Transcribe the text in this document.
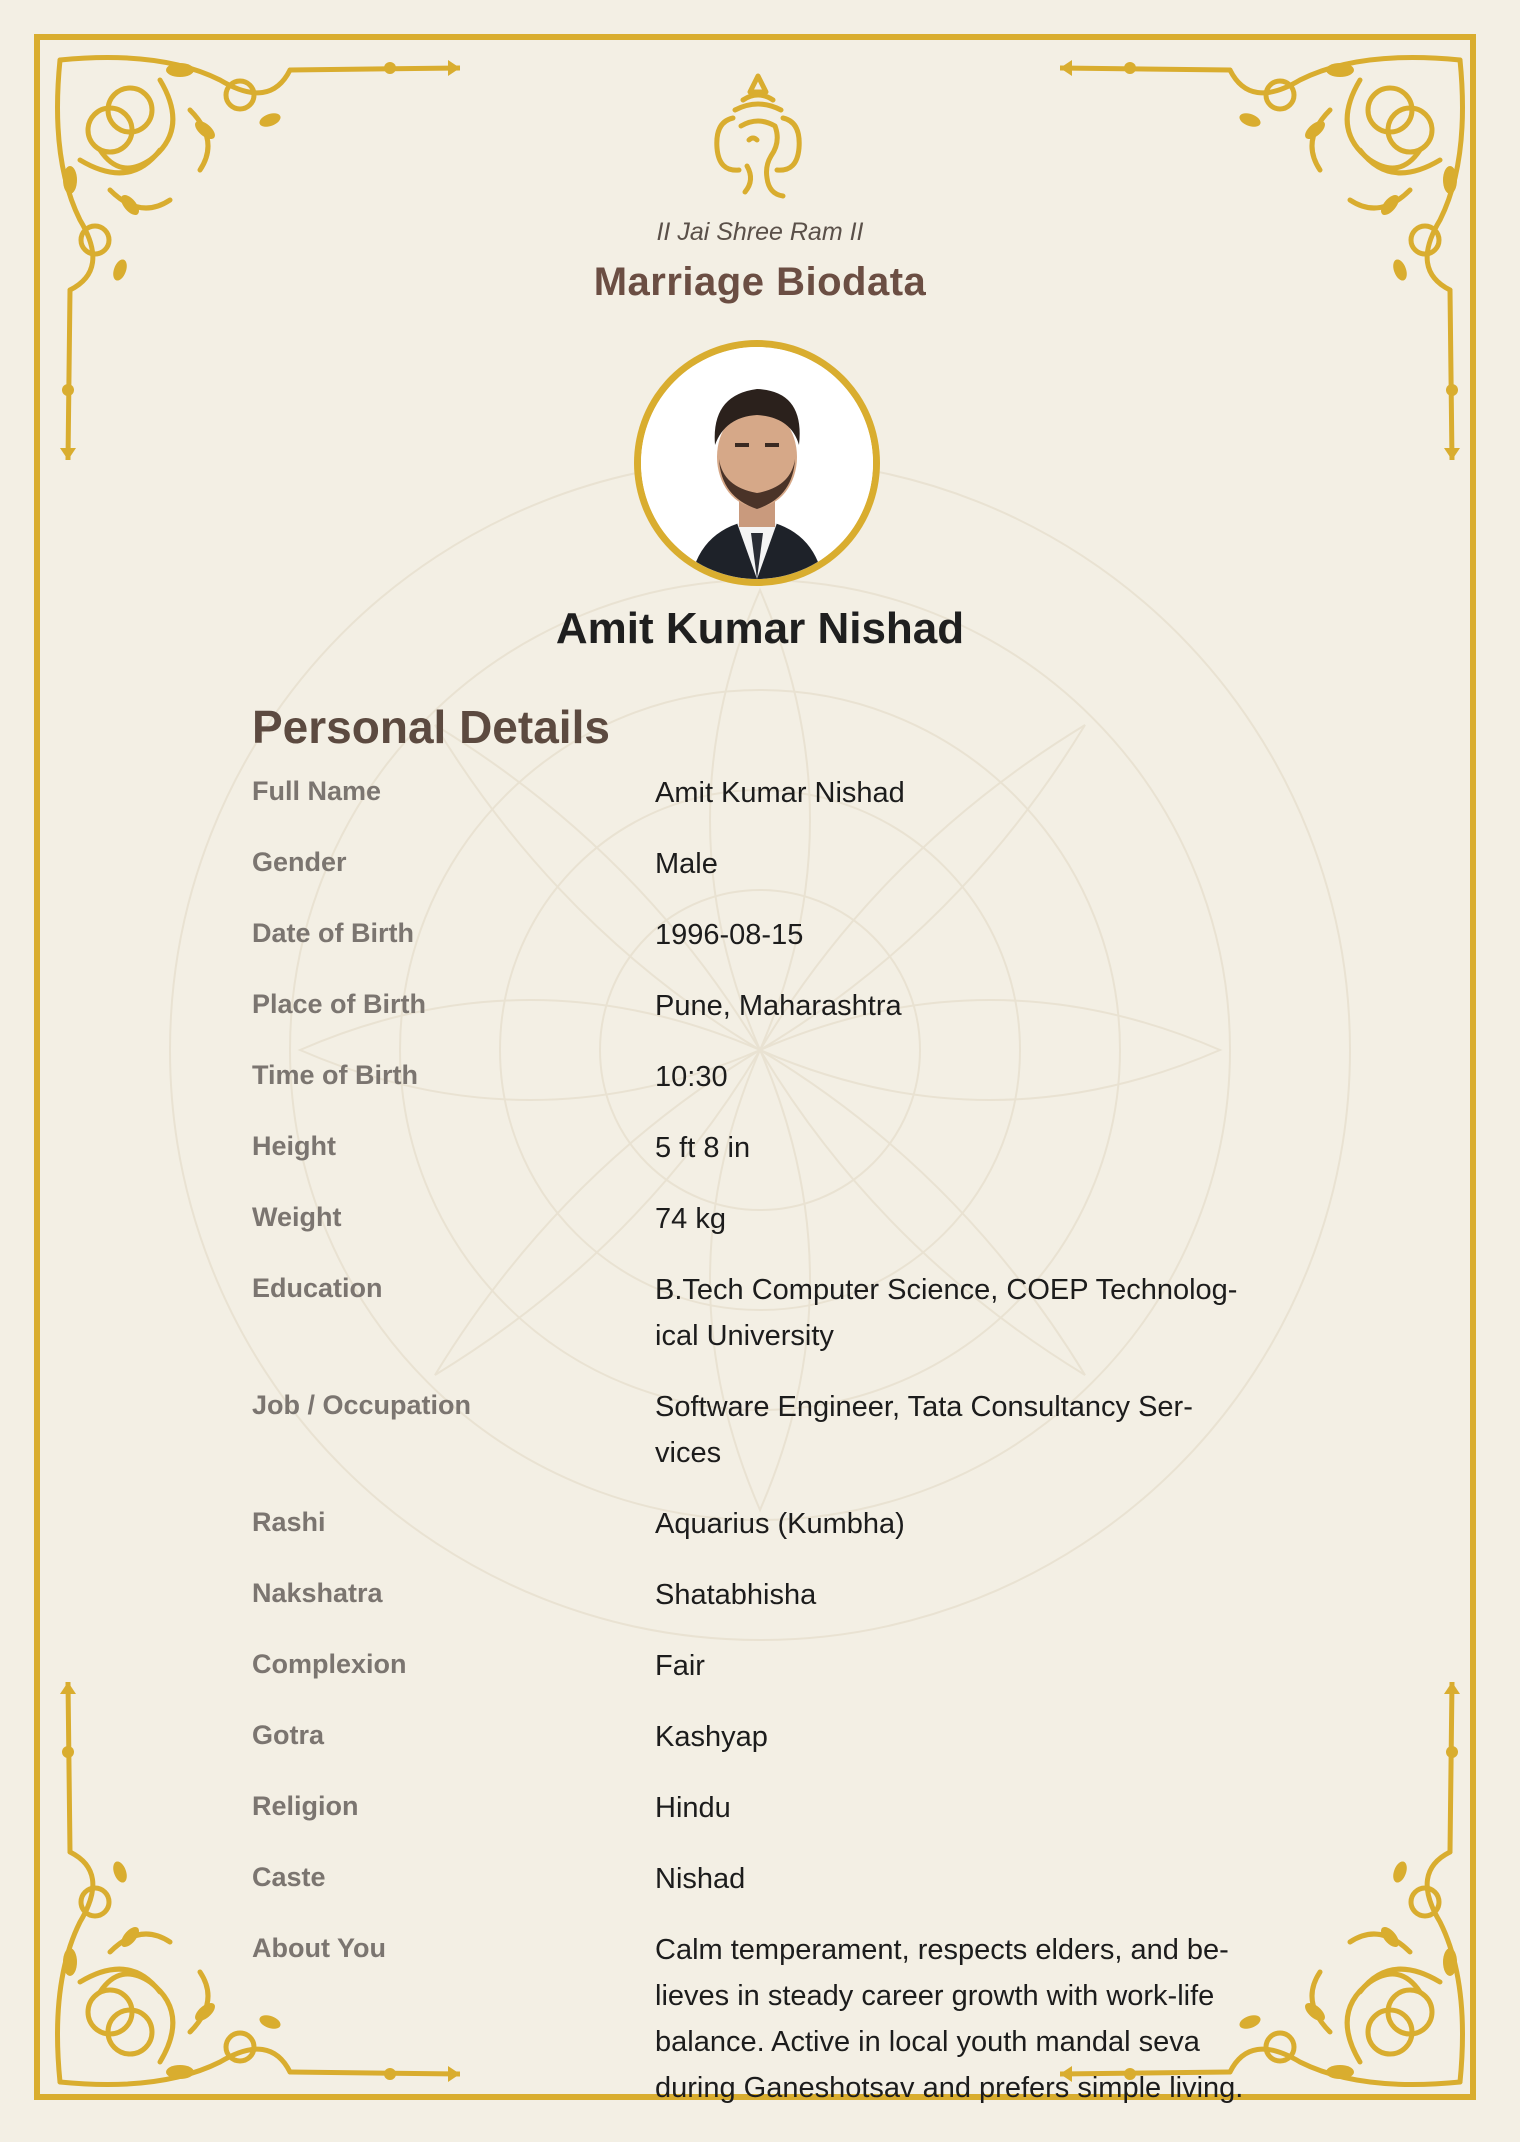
II Jai Shree Ram II
Marriage Biodata
Amit Kumar Nishad
Personal Details
Full Name	Amit Kumar Nishad
Gender	Male
Date of Birth	1996-08-15
Place of Birth	Pune, Maharashtra
Time of Birth	10:30
Height	5 ft 8 in
Weight	74 kg
Education	B.Tech Computer Science, COEP Technolog-
ical University
Job / Occupation	Software Engineer, Tata Consultancy Ser-
vices
Rashi	Aquarius (Kumbha)
Nakshatra	Shatabhisha
Complexion	Fair
Gotra	Kashyap
Religion	Hindu
Caste	Nishad
About You	Calm temperament, respects elders, and be-
lieves in steady career growth with work-life
balance. Active in local youth mandal seva
during Ganeshotsav and prefers simple living.
